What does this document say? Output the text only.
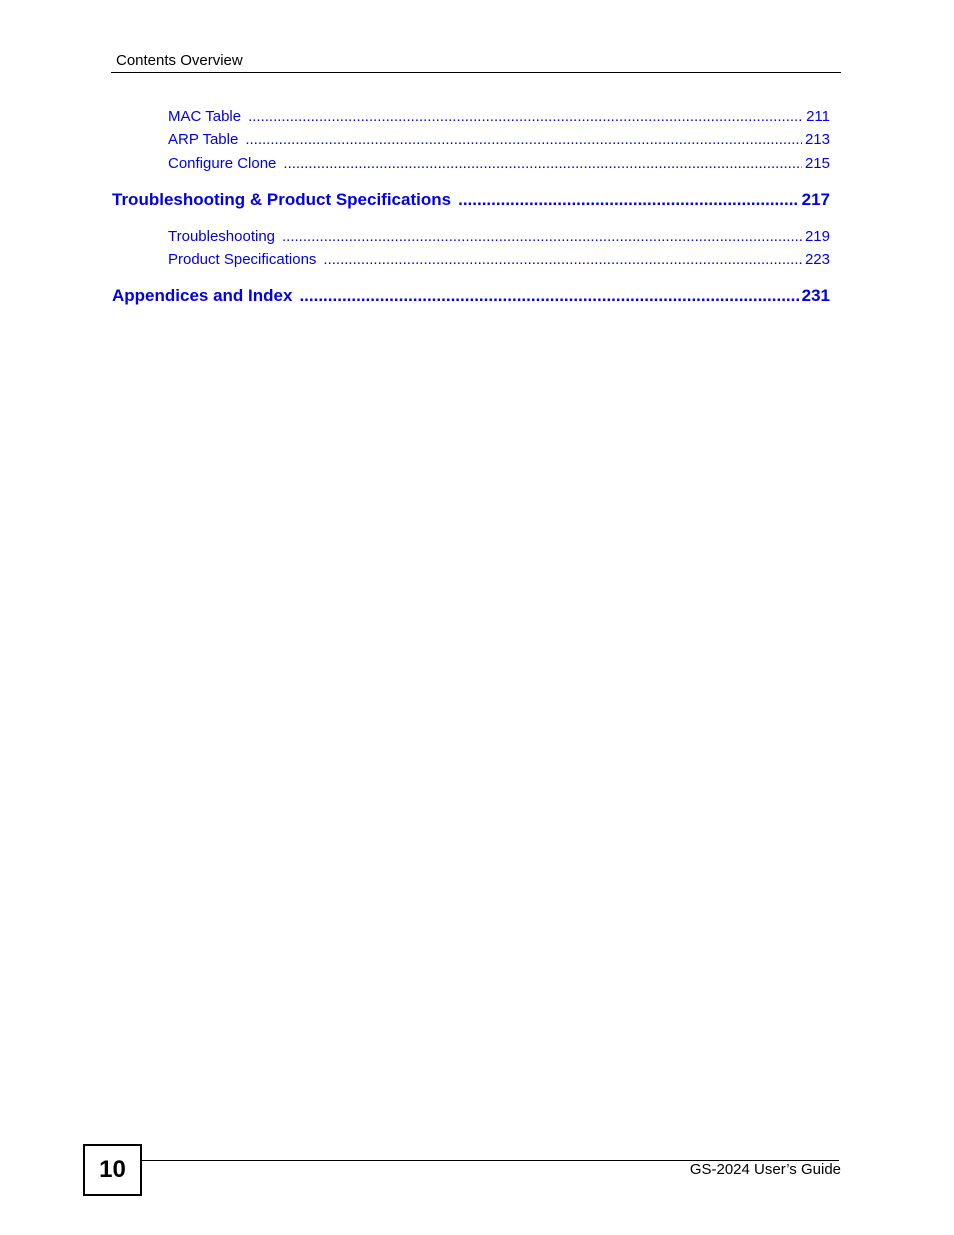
Contents Overview
MAC Table .....	211
ARP Table .....	213
Configure Clone .....	215
Troubleshooting & Product Specifications .....	217
Troubleshooting .....	219
Product Specifications .....	223
Appendices and Index .....	231
10	GS-2024 User’s Guide
